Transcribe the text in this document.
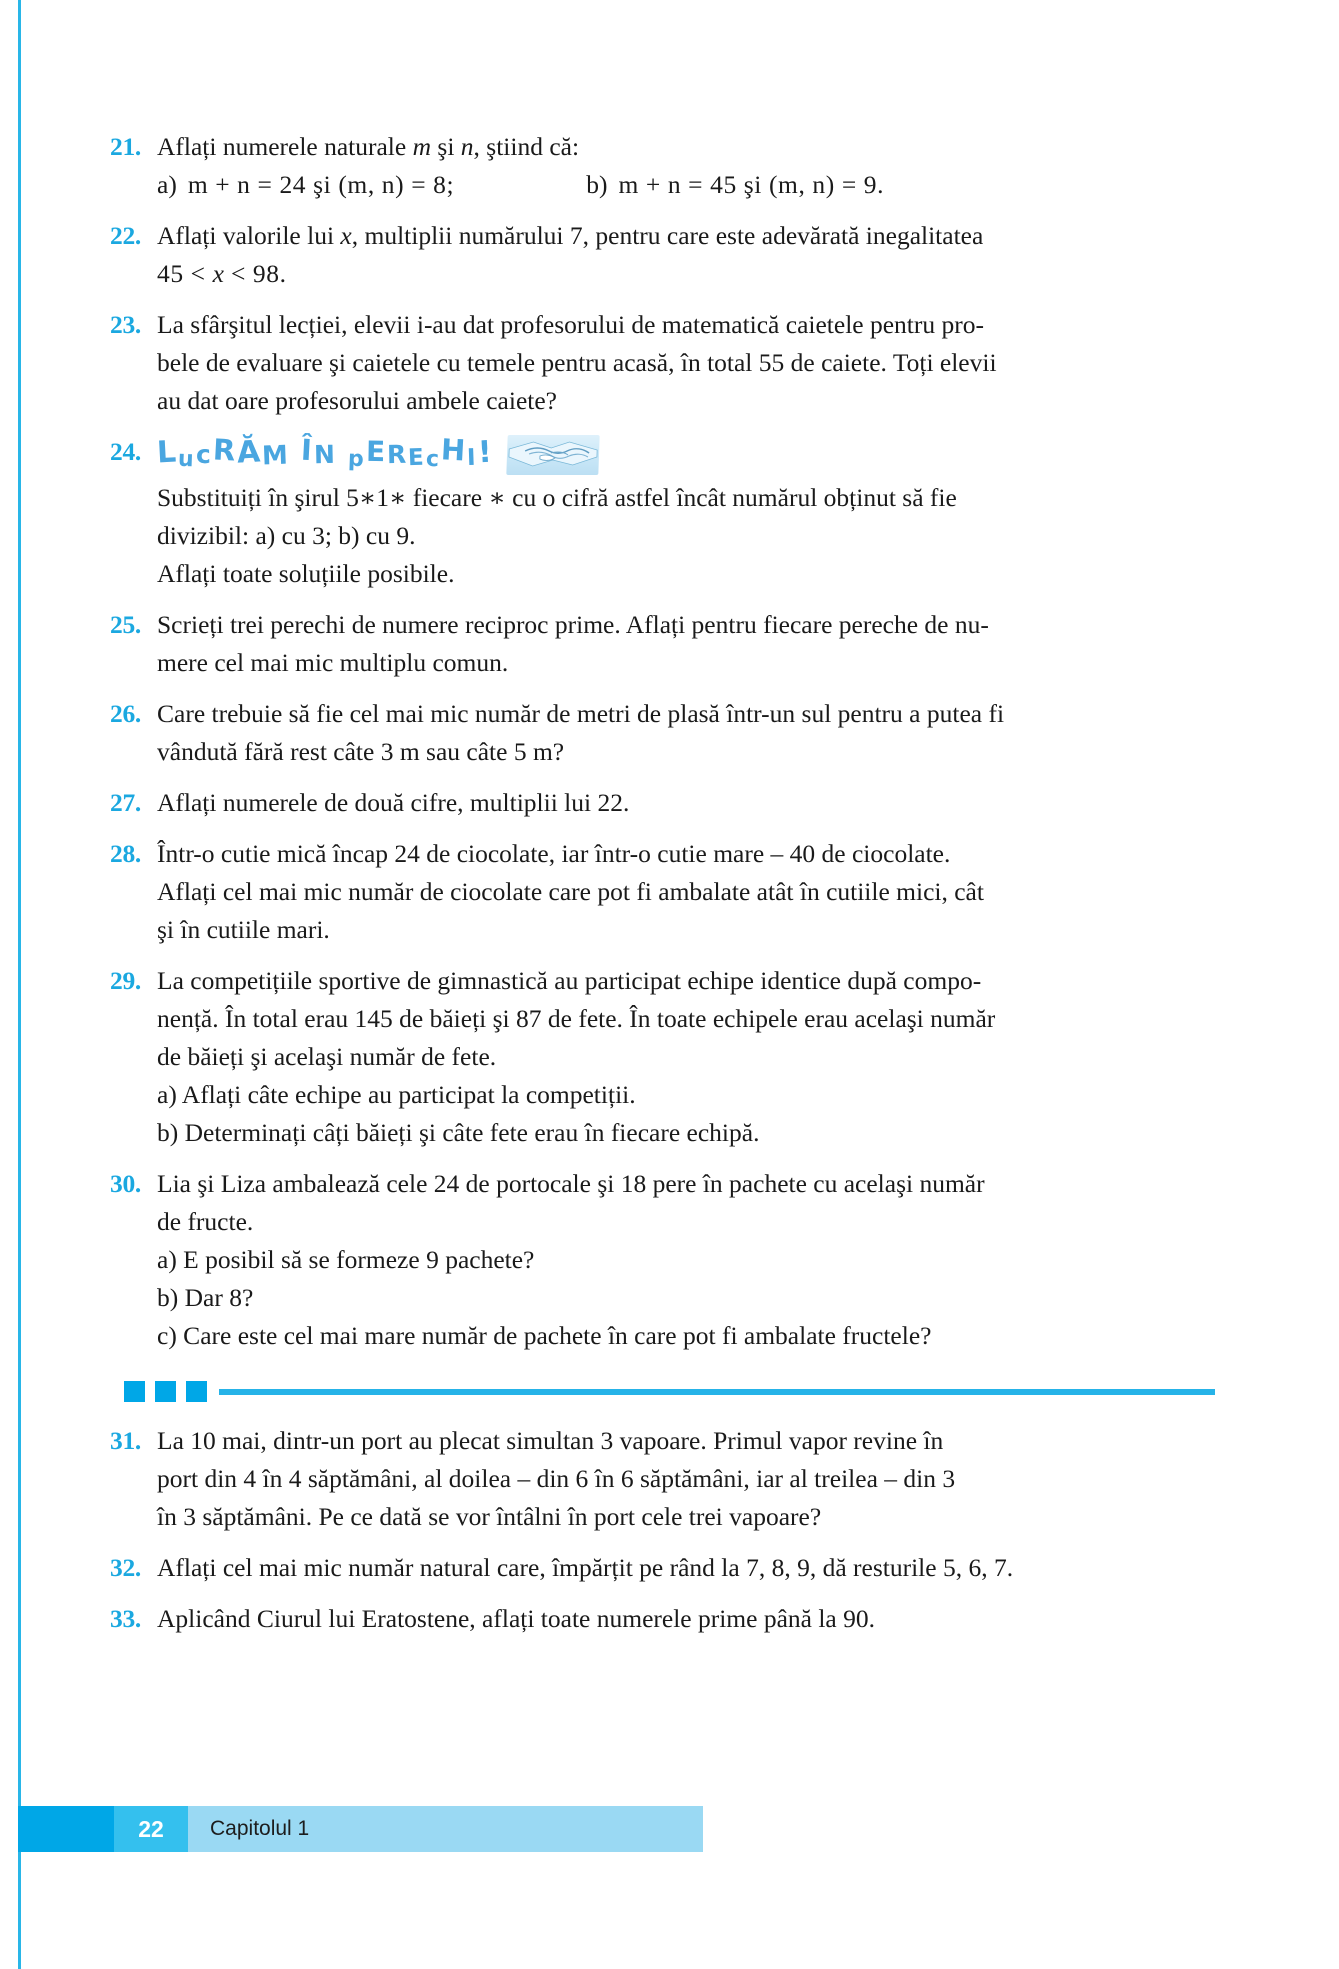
21. Aflați numerele naturale m şi n, ştiind că:

a) m + n = 24 şi (m, n) = 8;	b) m + n = 45 şi (m, n) = 9.

22. Aflați valorile lui x, multiplii numărului 7, pentru care este adevărată inegalitatea

45 < x < 98.

23. La sfârşitul lecției, elevii i-au dat profesorului de matematică caietele pentru pro-

bele de evaluare şi caietele cu temele pentru acasă, în total 55 de caiete. Toți elevii

au dat oare profesorului ambele caiete?

24. LucRĂM ÎN pEREcHI!

Substituiți în şirul 5∗1∗ fiecare ∗ cu o cifră astfel încât numărul obținut să fie

divizibil: a) cu 3; b) cu 9.

Aflați toate soluțiile posibile.

25. Scrieți trei perechi de numere reciproc prime. Aflați pentru fiecare pereche de nu-

mere cel mai mic multiplu comun.

26. Care trebuie să fie cel mai mic număr de metri de plasă într-un sul pentru a putea fi

vândută fără rest câte 3 m sau câte 5 m?

27. Aflați numerele de două cifre, multiplii lui 22.

28. Într-o cutie mică încap 24 de ciocolate, iar într-o cutie mare – 40 de ciocolate.

Aflați cel mai mic număr de ciocolate care pot fi ambalate atât în cutiile mici, cât

şi în cutiile mari.

29. La competițiile sportive de gimnastică au participat echipe identice după compo-

nență. În total erau 145 de băieți şi 87 de fete. În toate echipele erau acelaşi număr

de băieți şi acelaşi număr de fete.

a) Aflați câte echipe au participat la competiții.

b) Determinați câți băieți şi câte fete erau în fiecare echipă.

30. Lia şi Liza ambalează cele 24 de portocale şi 18 pere în pachete cu acelaşi număr

de fructe.

a) E posibil să se formeze 9 pachete?

b) Dar 8?

c) Care este cel mai mare număr de pachete în care pot fi ambalate fructele?

31. La 10 mai, dintr-un port au plecat simultan 3 vapoare. Primul vapor revine în

port din 4 în 4 săptămâni, al doilea – din 6 în 6 săptămâni, iar al treilea – din 3

în 3 săptămâni. Pe ce dată se vor întâlni în port cele trei vapoare?

32. Aflați cel mai mic număr natural care, împărțit pe rând la 7, 8, 9, dă resturile 5, 6, 7.

33. Aplicând Ciurul lui Eratostene, aflați toate numerele prime până la 90.

22	Capitolul 1
